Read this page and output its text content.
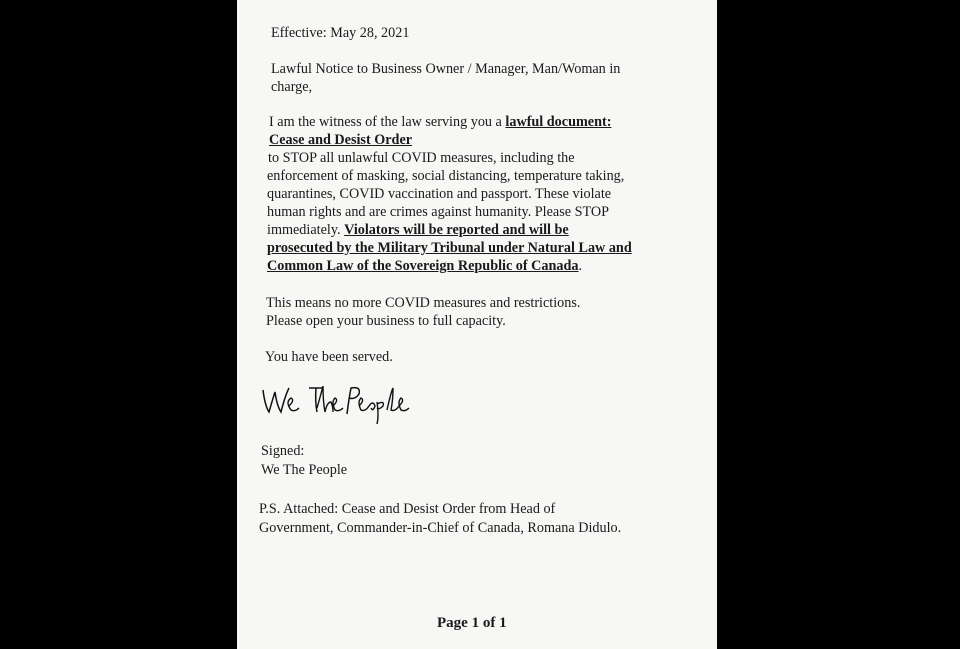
Effective: May 28, 2021
Lawful Notice to Business Owner / Manager, Man/Woman in
charge,
I am the witness of the law serving you a lawful document:
Cease and Desist Order
to STOP all unlawful COVID measures, including the
enforcement of masking, social distancing, temperature taking,
quarantines, COVID vaccination and passport. These violate
human rights and are crimes against humanity. Please STOP
immediately. Violators will be reported and will be
prosecuted by the Military Tribunal under Natural Law and
Common Law of the Sovereign Republic of Canada.
This means no more COVID measures and restrictions.
Please open your business to full capacity.
You have been served.
Signed:
We The People
P.S. Attached: Cease and Desist Order from Head of
Government, Commander-in-Chief of Canada, Romana Didulo.
Page 1 of 1
